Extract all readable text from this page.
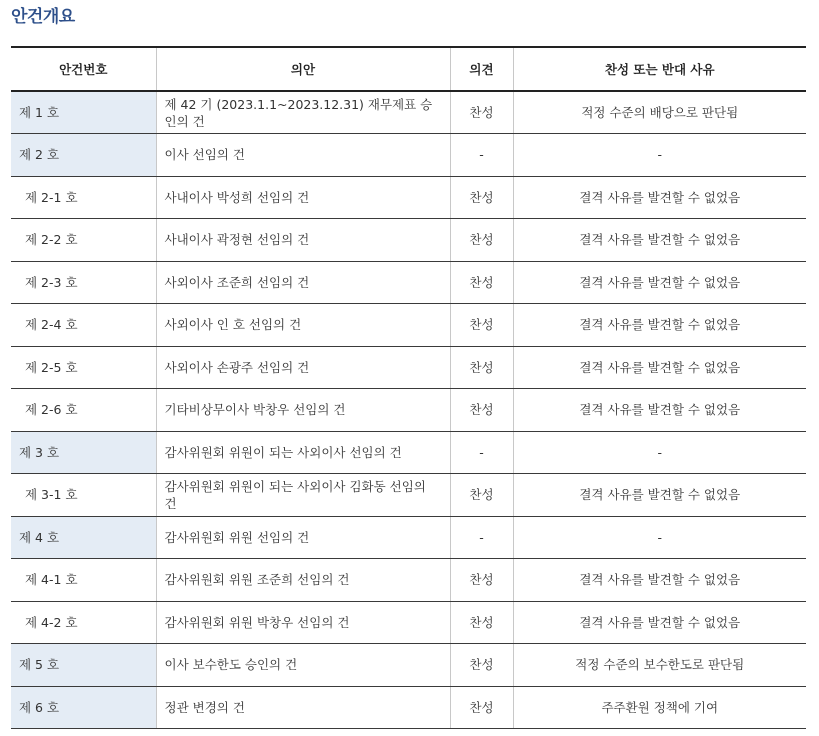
안건개요
안건번호	의안	의견	찬성 또는 반대 사유
제 1 호	제 42 기 (2023.1.1~2023.12.31) 재무제표 승인의 건	찬성	적정 수준의 배당으로 판단됨
제 2 호	이사 선임의 건	-	-
제 2-1 호	사내이사 박성희 선임의 건	찬성	결격 사유를 발견할 수 없었음
제 2-2 호	사내이사 곽정현 선임의 건	찬성	결격 사유를 발견할 수 없었음
제 2-3 호	사외이사 조준희 선임의 건	찬성	결격 사유를 발견할 수 없었음
제 2-4 호	사외이사 인 호 선임의 건	찬성	결격 사유를 발견할 수 없었음
제 2-5 호	사외이사 손광주 선임의 건	찬성	결격 사유를 발견할 수 없었음
제 2-6 호	기타비상무이사 박창우 선임의 건	찬성	결격 사유를 발견할 수 없었음
제 3 호	감사위원회 위원이 되는 사외이사 선임의 건	-	-
제 3-1 호	감사위원회 위원이 되는 사외이사 김화동 선임의 건	찬성	결격 사유를 발견할 수 없었음
제 4 호	감사위원회 위원 선임의 건	-	-
제 4-1 호	감사위원회 위원 조준희 선임의 건	찬성	결격 사유를 발견할 수 없었음
제 4-2 호	감사위원회 위원 박창우 선임의 건	찬성	결격 사유를 발견할 수 없었음
제 5 호	이사 보수한도 승인의 건	찬성	적정 수준의 보수한도로 판단됨
제 6 호	정관 변경의 건	찬성	주주환원 정책에 기여
